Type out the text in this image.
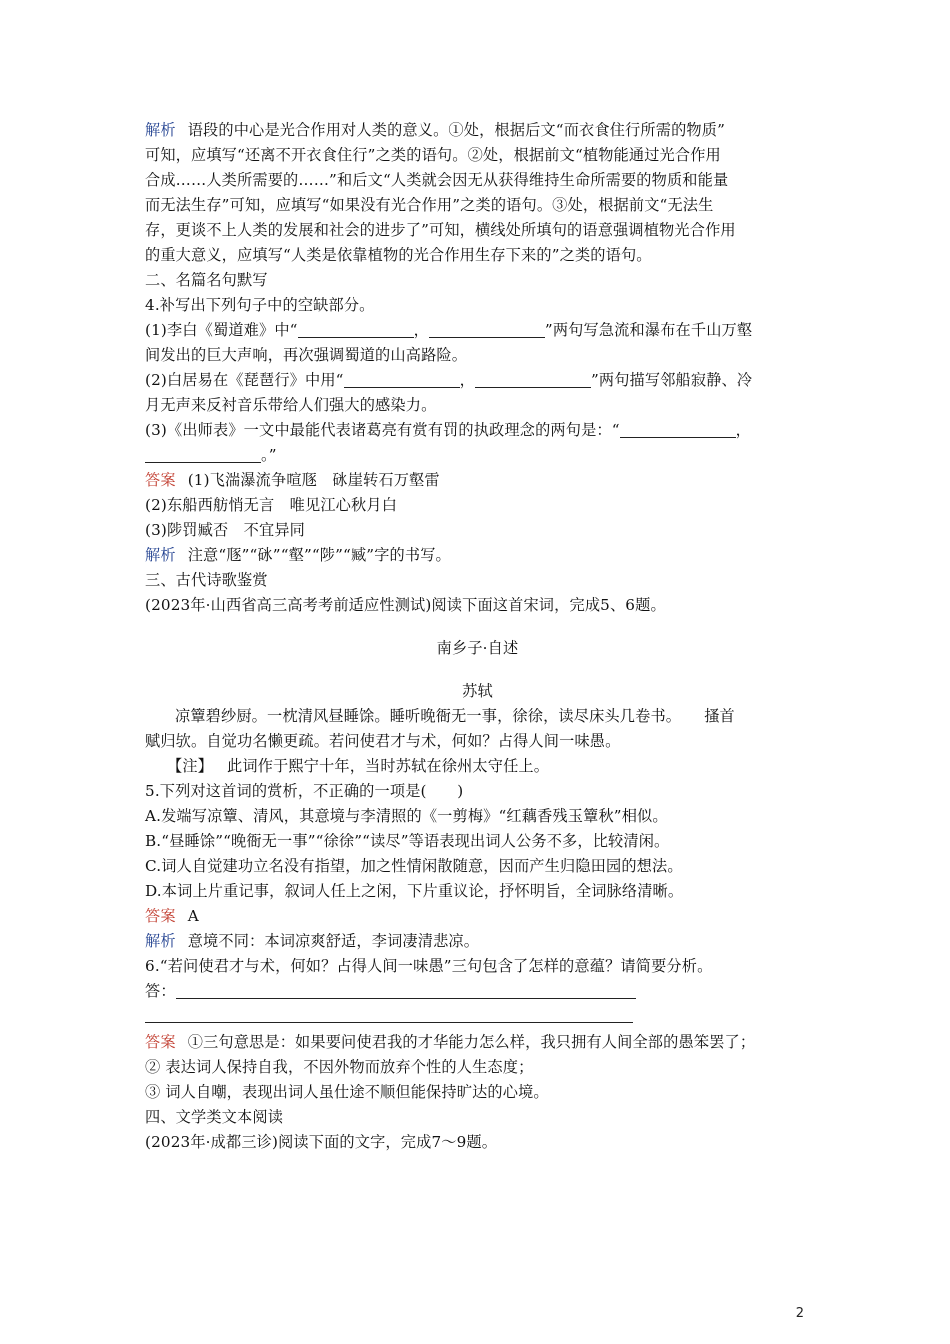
解析 语段的中心是光合作用对人类的意义。①处，根据后文“而衣食住行所需的物质”
可知，应填写“还离不开衣食住行”之类的语句。②处，根据前文“植物能通过光合作用
合成……人类所需要的……”和后文“人类就会因无从获得维持生命所需要的物质和能量
而无法生存”可知，应填写“如果没有光合作用”之类的语句。③处，根据前文“无法生
存，更谈不上人类的发展和社会的进步了”可知，横线处所填句的语意强调植物光合作用
的重大意义，应填写“人类是依靠植物的光合作用生存下来的”之类的语句。
二、名篇名句默写
4.补写出下列句子中的空缺部分。
(1)李白《蜀道难》中“	，	”两句写急流和瀑布在千山万壑
间发出的巨大声响，再次强调蜀道的山高路险。
(2)白居易在《琵琶行》中用“	，	”两句描写邻船寂静、冷
月无声来反衬音乐带给人们强大的感染力。
(3)《出师表》一文中最能代表诸葛亮有赏有罚的执政理念的两句是：“	，
。”
答案 (1)飞湍瀑流争喧豗　砯崖转石万壑雷
(2)东船西舫悄无言　唯见江心秋月白
(3)陟罚臧否　不宜异同
解析 注意“豗”“砯”“壑”“陟”“臧”字的书写。
三、古代诗歌鉴赏
(2023年·山西省高三高考考前适应性测试)阅读下面这首宋词，完成5、6题。
南乡子·自述
苏轼
凉簟碧纱厨。一枕清风昼睡馀。睡听晚衙无一事，徐徐，读尽床头几卷书。　　搔首
赋归欤。自觉功名懒更疏。若问使君才与术，何如？占得人间一味愚。
【注】 此词作于熙宁十年，当时苏轼在徐州太守任上。
5.下列对这首词的赏析，不正确的一项是(　　)
A.发端写凉簟、清风，其意境与李清照的《一剪梅》“红藕香残玉簟秋”相似。
B.“昼睡馀”“晚衙无一事”“徐徐”“读尽”等语表现出词人公务不多，比较清闲。
C.词人自觉建功立名没有指望，加之性情闲散随意，因而产生归隐田园的想法。
D.本词上片重记事，叙词人任上之闲，下片重议论，抒怀明旨，全词脉络清晰。
答案 A
解析 意境不同：本词凉爽舒适，李词凄清悲凉。
6.“若问使君才与术，何如？占得人间一味愚”三句包含了怎样的意蕴？请简要分析。
答：
答案 ①三句意思是：如果要问使君我的才华能力怎么样，我只拥有人间全部的愚笨罢了；
② 表达词人保持自我，不因外物而放弃个性的人生态度；
③ 词人自嘲，表现出词人虽仕途不顺但能保持旷达的心境。
四、文学类文本阅读
(2023年·成都三诊)阅读下面的文字，完成7～9题。
2
